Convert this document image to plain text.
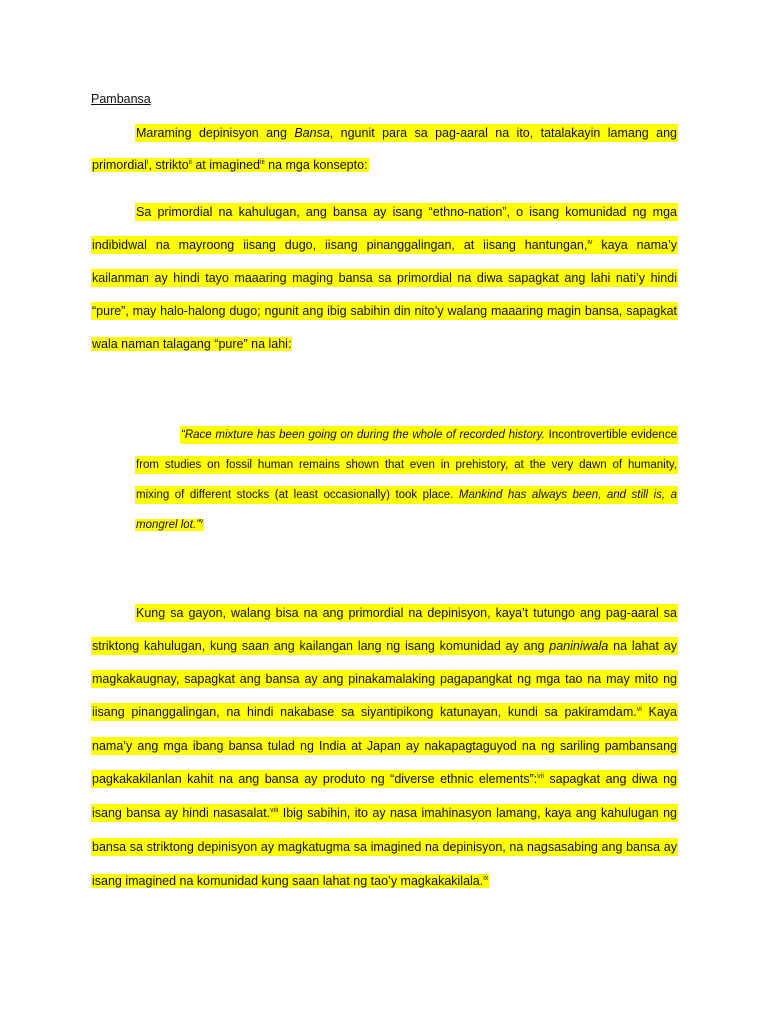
Pambansa
Maraming depinisyon ang Bansa, ngunit para sa pag-aaral na ito, tatalakayin lamang ang
primordial$^i$, strikto$^{ii}$ at imagined$^{iii}$ na mga konsepto:
Sa primordial na kahulugan, ang bansa ay isang “ethno-nation”, o isang komunidad ng mga
indibidwal na mayroong iisang dugo, iisang pinanggalingan, at iisang hantungan,$^{iv}$ kaya nama’y
kailanman ay hindi tayo maaaring maging bansa sa primordial na diwa sapagkat ang lahi nati’y hindi
“pure”, may halo-halong dugo; ngunit ang ibig sabihin din nito’y walang maaaring magin bansa, sapagkat
wala naman talagang “pure” na lahi:
“Race mixture has been going on during the whole of recorded history. Incontrovertible evidence
from studies on fossil human remains shown that even in prehistory, at the very dawn of humanity,
mixing of different stocks (at least occasionally) took place. Mankind has always been, and still is, a
mongrel lot.”$^v$
Kung sa gayon, walang bisa na ang primordial na depinisyon, kaya’t tutungo ang pag-aaral sa
striktong kahulugan, kung saan ang kailangan lang ng isang komunidad ay ang paniniwala na lahat ay
magkakaugnay, sapagkat ang bansa ay ang pinakamalaking pagapangkat ng mga tao na may mito ng
iisang pinanggalingan, na hindi nakabase sa siyantipikong katunayan, kundi sa pakiramdam.$^{vi}$ Kaya
nama’y ang mga ibang bansa tulad ng India at Japan ay nakapagtaguyod na ng sariling pambansang
pagkakakilanlan kahit na ang bansa ay produto ng “diverse ethnic elements”:$^{vii}$ sapagkat ang diwa ng
isang bansa ay hindi nasasalat.$^{viii}$ Ibig sabihin, ito ay nasa imahinasyon lamang, kaya ang kahulugan ng
bansa sa striktong depinisyon ay magkatugma sa imagined na depinisyon, na nagsasabing ang bansa ay
isang imagined na komunidad kung saan lahat ng tao’y magkakakilala.$^{ix}$
